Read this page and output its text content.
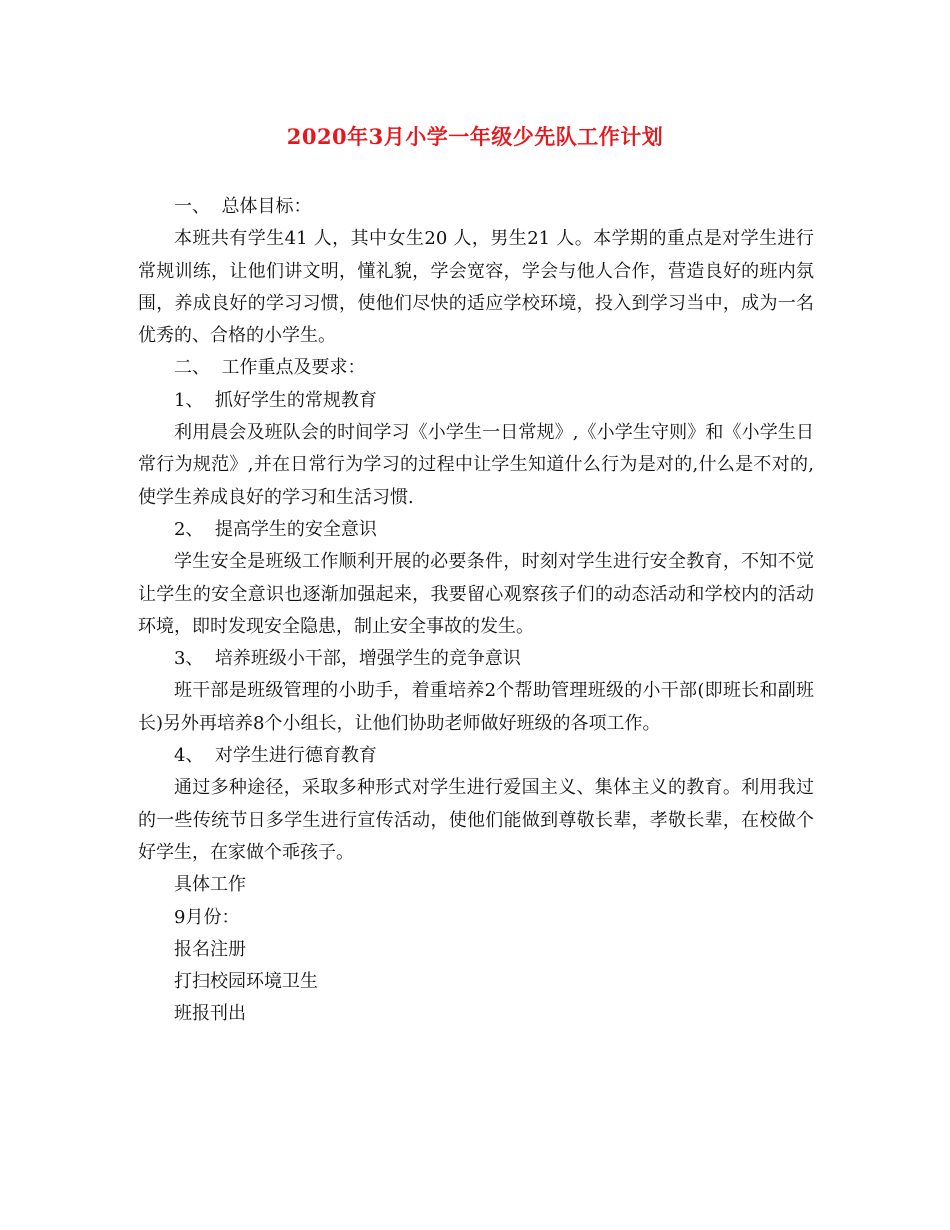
2020年3月小学一年级少先队工作计划
一、  总体目标：

本班共有学生41 人，其中女生20 人，男生21 人。本学期的重点是对学生进行常规训练，让他们讲文明，懂礼貌，学会宽容，学会与他人合作，营造良好的班内氛围，养成良好的学习习惯，使他们尽快的适应学校环境，投入到学习当中，成为一名优秀的、合格的小学生。

二、  工作重点及要求：
1、  抓好学生的常规教育

利用晨会及班队会的时间学习《小学生一日常规》,《小学生守则》和《小学生日常行为规范》,并在日常行为学习的过程中让学生知道什么行为是对的,什么是不对的,使学生养成良好的学习和生活习惯.

2、  提高学生的安全意识

学生安全是班级工作顺利开展的必要条件，时刻对学生进行安全教育，不知不觉让学生的安全意识也逐渐加强起来，我要留心观察孩子们的动态活动和学校内的活动环境，即时发现安全隐患，制止安全事故的发生。

3、  培养班级小干部，增强学生的竞争意识

班干部是班级管理的小助手，着重培养2个帮助管理班级的小干部(即班长和副班长)另外再培养8个小组长，让他们协助老师做好班级的各项工作。

4、  对学生进行德育教育

通过多种途径，采取多种形式对学生进行爱国主义、集体主义的教育。利用我过的一些传统节日多学生进行宣传活动，使他们能做到尊敬长辈，孝敬长辈，在校做个好学生，在家做个乖孩子。

具体工作
9月份：
报名注册
打扫校园环境卫生
班报刊出
